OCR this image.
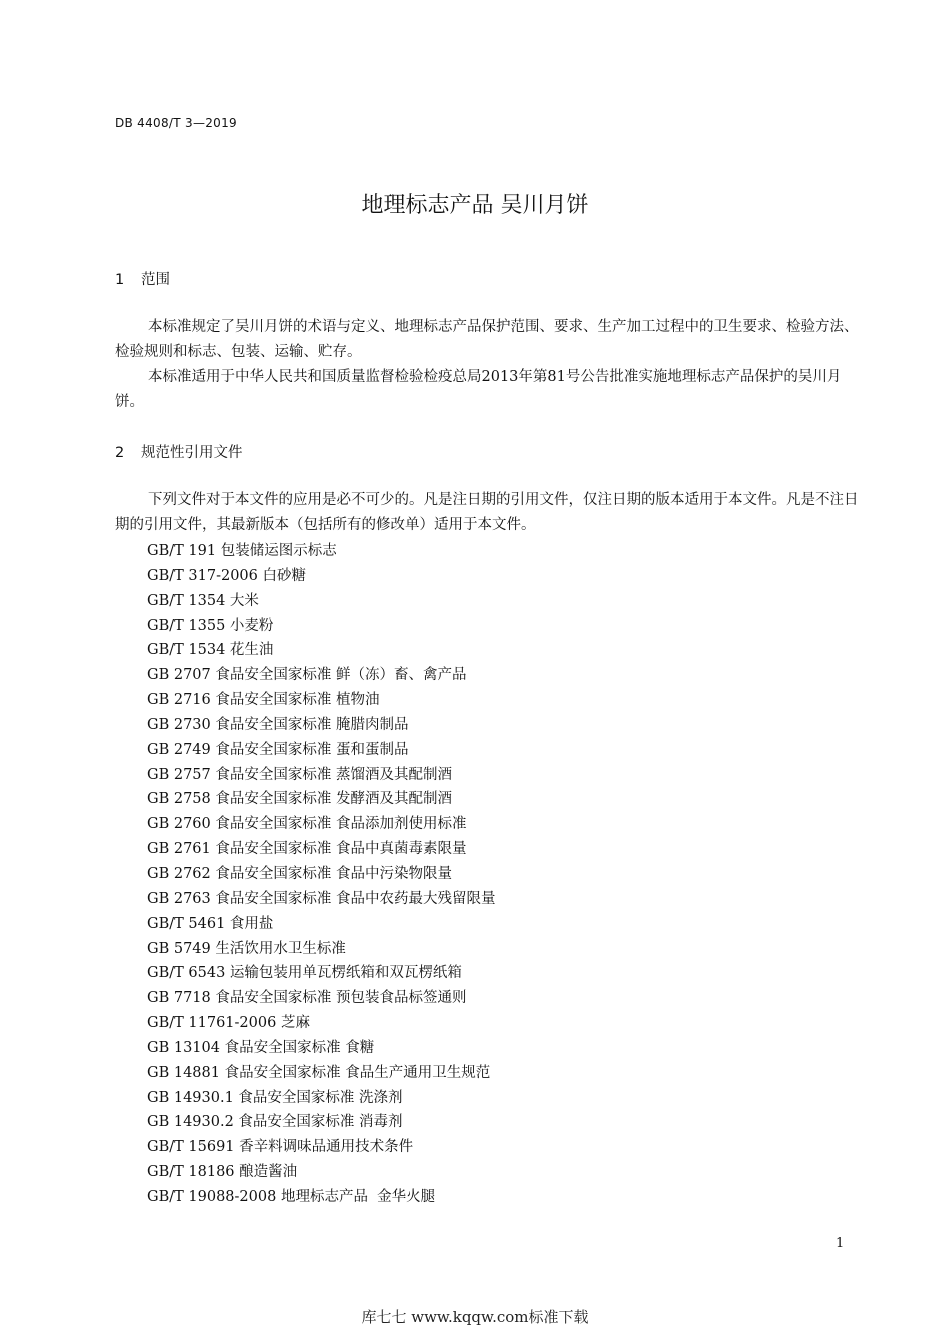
DB 4408/T 3—2019
地理标志产品 吴川月饼
1 范围

本标准规定了吴川月饼的术语与定义、地理标志产品保护范围、要求、生产加工过程中的卫生要求、检验方法、检验规则和标志、包装、运输、贮存。

本标准适用于中华人民共和国质量监督检验检疫总局2013年第81号公告批准实施地理标志产品保护的吴川月饼。

2 规范性引用文件

下列文件对于本文件的应用是必不可少的。凡是注日期的引用文件，仅注日期的版本适用于本文件。凡是不注日期的引用文件，其最新版本（包括所有的修改单）适用于本文件。

GB/T 191 包装储运图示标志
GB/T 317-2006 白砂糖
GB/T 1354 大米
GB/T 1355 小麦粉
GB/T 1534 花生油
GB 2707 食品安全国家标准 鲜（冻）畜、禽产品
GB 2716 食品安全国家标准 植物油
GB 2730 食品安全国家标准 腌腊肉制品
GB 2749 食品安全国家标准 蛋和蛋制品
GB 2757 食品安全国家标准 蒸馏酒及其配制酒
GB 2758 食品安全国家标准 发酵酒及其配制酒
GB 2760 食品安全国家标准 食品添加剂使用标准
GB 2761 食品安全国家标准 食品中真菌毒素限量
GB 2762 食品安全国家标准 食品中污染物限量
GB 2763 食品安全国家标准 食品中农药最大残留限量
GB/T 5461 食用盐
GB 5749 生活饮用水卫生标准
GB/T 6543 运输包装用单瓦楞纸箱和双瓦楞纸箱
GB 7718 食品安全国家标准 预包装食品标签通则
GB/T 11761-2006 芝麻
GB 13104 食品安全国家标准 食糖
GB 14881 食品安全国家标准 食品生产通用卫生规范
GB 14930.1 食品安全国家标准 洗涤剂
GB 14930.2 食品安全国家标准 消毒剂
GB/T 15691 香辛料调味品通用技术条件
GB/T 18186 酿造酱油
GB/T 19088-2008 地理标志产品  金华火腿
1
库七七 www.kqqw.com标准下载
